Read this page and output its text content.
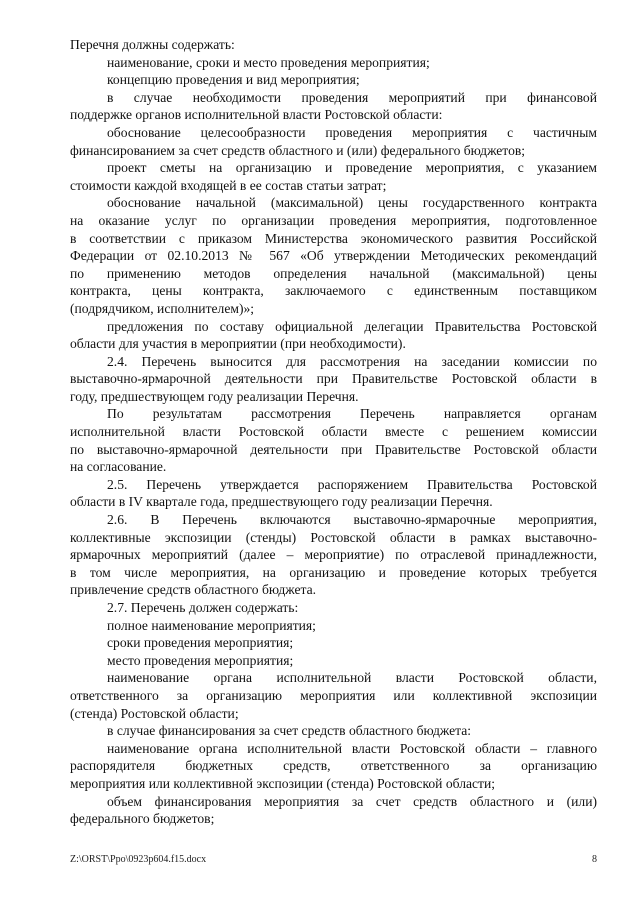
Перечня должны содержать:
наименование, сроки и место проведения мероприятия;
концепцию проведения и вид мероприятия;
в случае необходимости проведения мероприятий при финансовой
поддержке органов исполнительной власти Ростовской области:
обоснование целесообразности проведения мероприятия с частичным
финансированием за счет средств областного и (или) федерального бюджетов;
проект сметы на организацию и проведение мероприятия, с указанием
стоимости каждой входящей в ее состав статьи затрат;
обоснование начальной (максимальной) цены государственного контракта
на оказание услуг по организации проведения мероприятия, подготовленное
в соответствии с приказом Министерства экономического развития Российской
Федерации от 02.10.2013 № 567 «Об утверждении Методических рекомендаций
по применению методов определения начальной (максимальной) цены
контракта, цены контракта, заключаемого с единственным поставщиком
(подрядчиком, исполнителем)»;
предложения по составу официальной делегации Правительства Ростовской
области для участия в мероприятии (при необходимости).
2.4. Перечень выносится для рассмотрения на заседании комиссии по
выставочно-ярмарочной деятельности при Правительстве Ростовской области в
году, предшествующем году реализации Перечня.
По результатам рассмотрения Перечень направляется органам
исполнительной власти Ростовской области вместе с решением комиссии
по выставочно-ярмарочной деятельности при Правительстве Ростовской области
на согласование.
2.5. Перечень утверждается распоряжением Правительства Ростовской
области в IV квартале года, предшествующего году реализации Перечня.
2.6. В Перечень включаются выставочно-ярмарочные мероприятия,
коллективные экспозиции (стенды) Ростовской области в рамках выставочно-
ярмарочных мероприятий (далее – мероприятие) по отраслевой принадлежности,
в том числе мероприятия, на организацию и проведение которых требуется
привлечение средств областного бюджета.
2.7. Перечень должен содержать:
полное наименование мероприятия;
сроки проведения мероприятия;
место проведения мероприятия;
наименование органа исполнительной власти Ростовской области,
ответственного за организацию мероприятия или коллективной экспозиции
(стенда) Ростовской области;
в случае финансирования за счет средств областного бюджета:
наименование органа исполнительной власти Ростовской области – главного
распорядителя бюджетных средств, ответственного за организацию
мероприятия или коллективной экспозиции (стенда) Ростовской области;
объем финансирования мероприятия за счет средств областного и (или)
федерального бюджетов;
Z:\ORST\Ppo\0923p604.f15.docx	8
